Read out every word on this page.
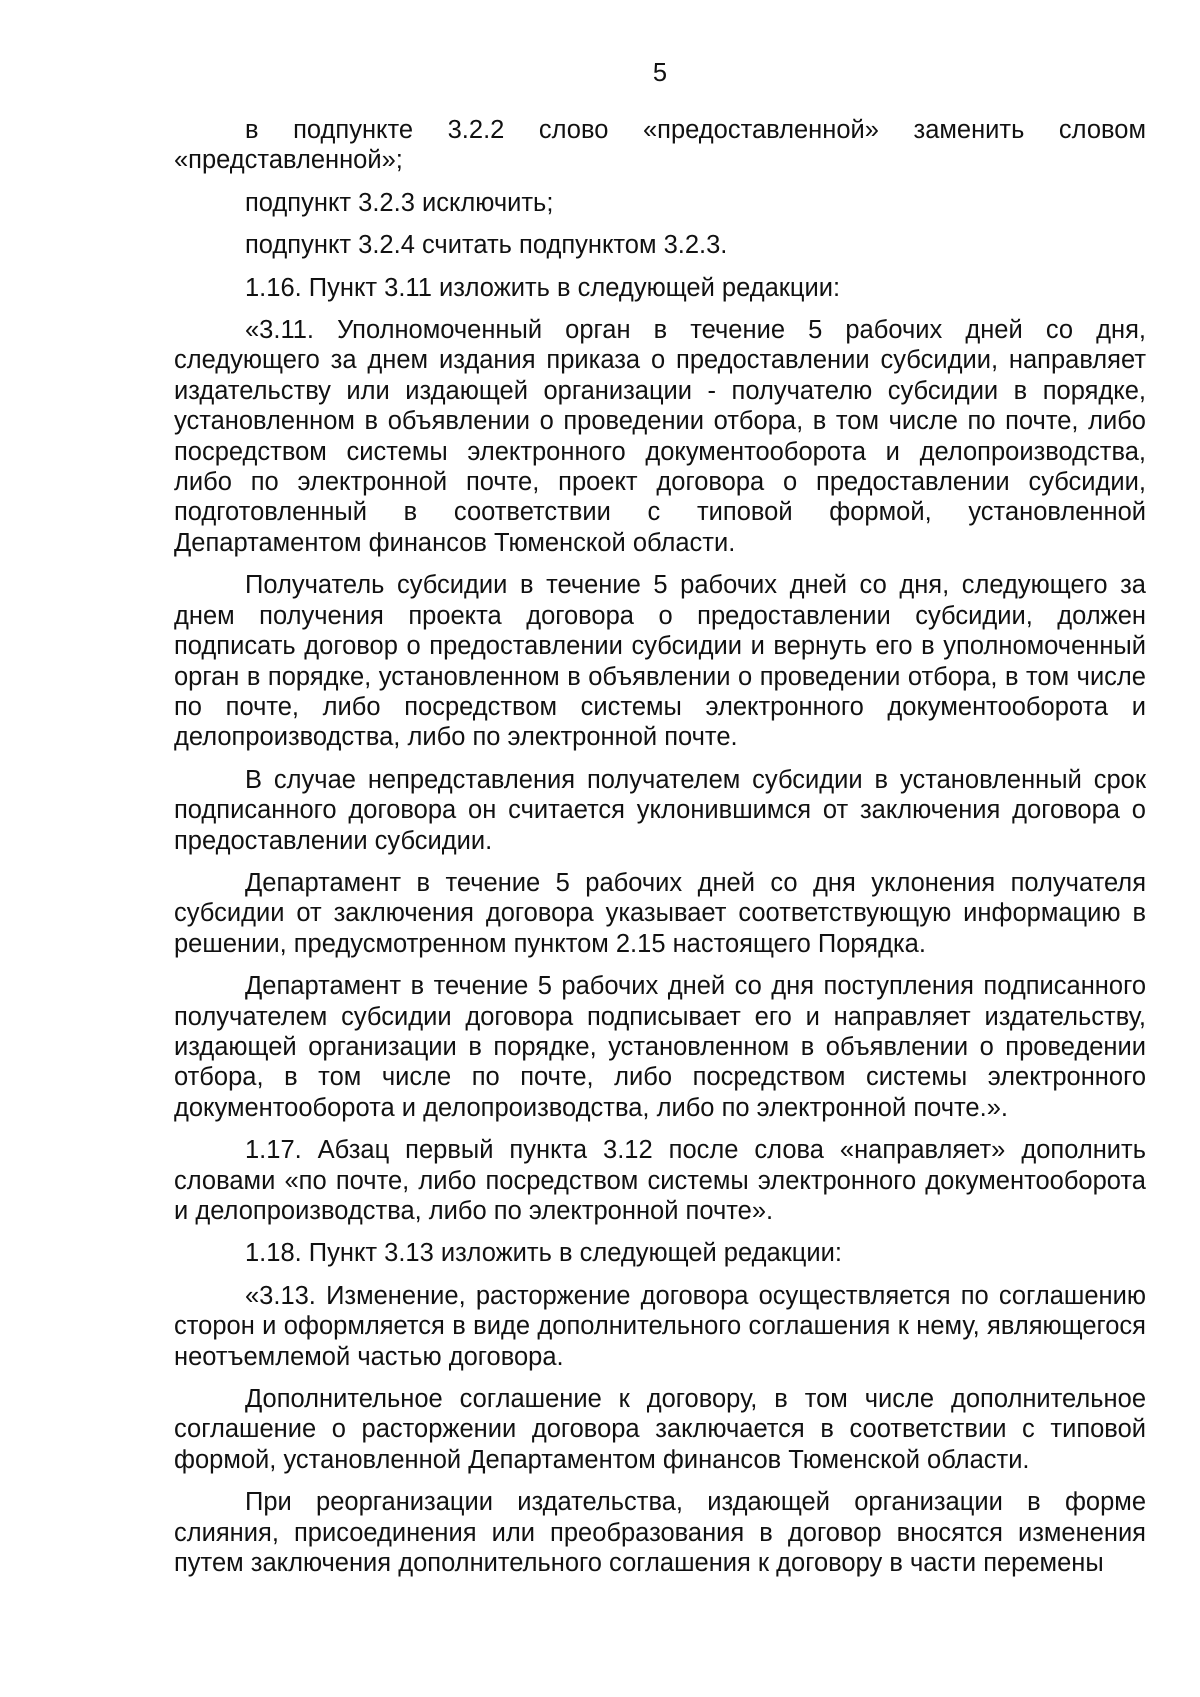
5

в подпункте 3.2.2 слово «предоставленной» заменить словом «представленной»;

подпункт 3.2.3 исключить;

подпункт 3.2.4 считать подпунктом 3.2.3.

1.16. Пункт 3.11 изложить в следующей редакции:

«3.11. Уполномоченный орган в течение 5 рабочих дней со дня, следующего за днем издания приказа о предоставлении субсидии, направляет издательству или издающей организации - получателю субсидии в порядке, установленном в объявлении о проведении отбора, в том числе по почте, либо посредством системы электронного документооборота и делопроизводства, либо по электронной почте, проект договора о предоставлении субсидии, подготовленный в соответствии с типовой формой, установленной Департаментом финансов Тюменской области.

Получатель субсидии в течение 5 рабочих дней со дня, следующего за днем получения проекта договора о предоставлении субсидии, должен подписать договор о предоставлении субсидии и вернуть его в уполномоченный орган в порядке, установленном в объявлении о проведении отбора, в том числе по почте, либо посредством системы электронного документооборота и делопроизводства, либо по электронной почте.

В случае непредставления получателем субсидии в установленный срок подписанного договора он считается уклонившимся от заключения договора о предоставлении субсидии.

Департамент в течение 5 рабочих дней со дня уклонения получателя субсидии от заключения договора указывает соответствующую информацию в решении, предусмотренном пунктом 2.15 настоящего Порядка.

Департамент в течение 5 рабочих дней со дня поступления подписанного получателем субсидии договора подписывает его и направляет издательству, издающей организации в порядке, установленном в объявлении о проведении отбора, в том числе по почте, либо посредством системы электронного документооборота и делопроизводства, либо по электронной почте.».

1.17. Абзац первый пункта 3.12 после слова «направляет» дополнить словами «по почте, либо посредством системы электронного документооборота и делопроизводства, либо по электронной почте».

1.18. Пункт 3.13 изложить в следующей редакции:

«3.13. Изменение, расторжение договора осуществляется по соглашению сторон и оформляется в виде дополнительного соглашения к нему, являющегося неотъемлемой частью договора.

Дополнительное соглашение к договору, в том числе дополнительное соглашение о расторжении договора заключается в соответствии с типовой формой, установленной Департаментом финансов Тюменской области.

При реорганизации издательства, издающей организации в форме слияния, присоединения или преобразования в договор вносятся изменения путем заключения дополнительного соглашения к договору в части перемены
